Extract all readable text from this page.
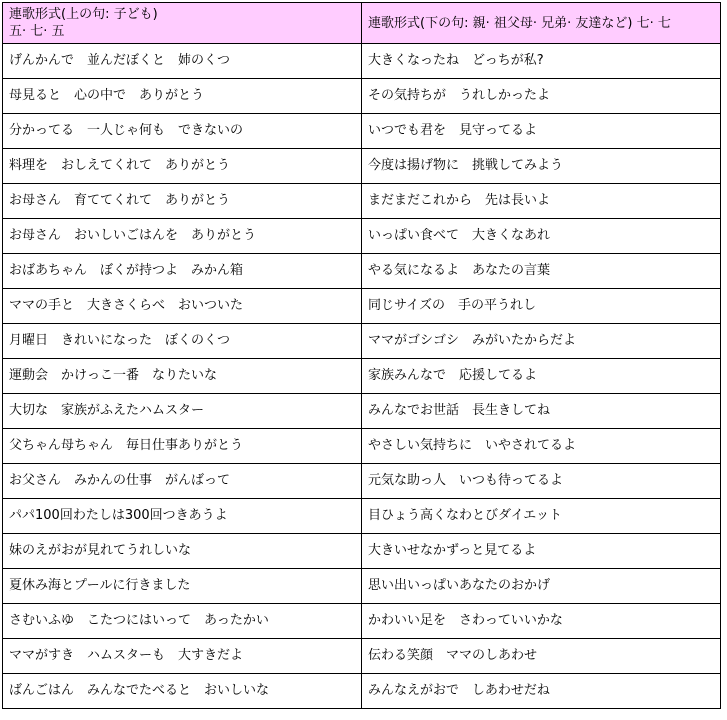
連歌形式(上の句: 子ども)
五· 七· 五	連歌形式(下の句: 親· 祖父母· 兄弟· 友達など) 七· 七
げんかんで　並んだぼくと　姉のくつ	大きくなったね　どっちが私?
母見ると　心の中で　ありがとう	その気持ちが　うれしかったよ
分かってる　一人じゃ何も　できないの	いつでも君を　見守ってるよ
料理を　おしえてくれて　ありがとう	今度は揚げ物に　挑戦してみよう
お母さん　育ててくれて　ありがとう	まだまだこれから　先は長いよ
お母さん　おいしいごはんを　ありがとう	いっぱい食べて　大きくなあれ
おばあちゃん　ぼくが持つよ　みかん箱	やる気になるよ　あなたの言葉
ママの手と　大きさくらべ　おいついた	同じサイズの　手の平うれし
月曜日　きれいになった　ぼくのくつ	ママがゴシゴシ　みがいたからだよ
運動会　かけっこ一番　なりたいな	家族みんなで　応援してるよ
大切な　家族がふえたハムスター	みんなでお世話　長生きしてね
父ちゃん母ちゃん　毎日仕事ありがとう	やさしい気持ちに　いやされてるよ
お父さん　みかんの仕事　がんばって	元気な助っ人　いつも待ってるよ
パパ100回わたしは300回つきあうよ	目ひょう高くなわとびダイエット
妹のえがおが見れてうれしいな	大きいせなかずっと見てるよ
夏休み海とプールに行きました	思い出いっぱいあなたのおかげ
さむいふゆ　こたつにはいって　あったかい	かわいい足を　さわっていいかな
ママがすき　ハムスターも　大すきだよ	伝わる笑顔　ママのしあわせ
ばんごはん　みんなでたべると　おいしいな	みんなえがおで　しあわせだね
